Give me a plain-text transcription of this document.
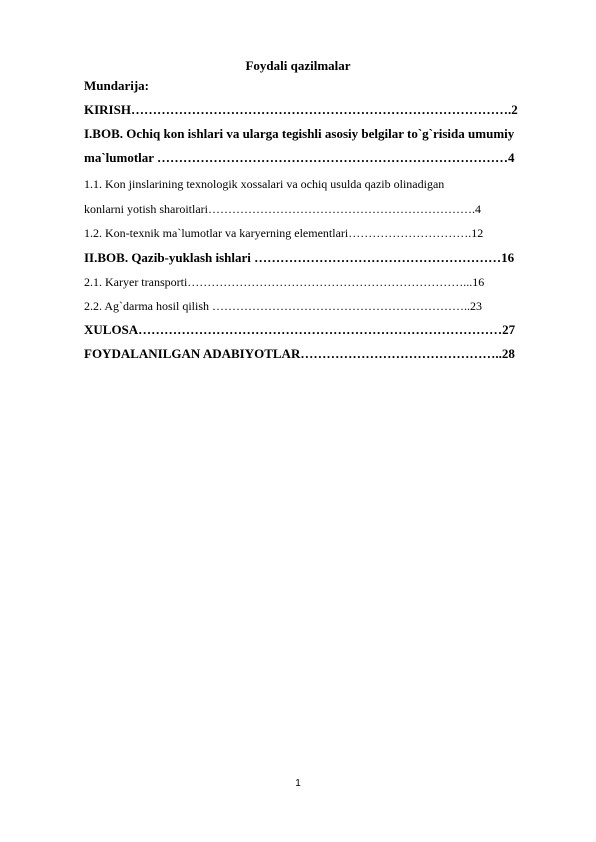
Foydali qazilmalar
Mundarija:
KIRISH…………………………………………………………………………….2
I.BOB. Ochiq kon ishlari va ularga tegishli asosiy belgilar to`g`risida umumiy
ma`lumotlar ………………………………………………………………………4
1.1. Kon jinslarining texnologik xossalari va ochiq usulda qazib olinadigan
konlarni yotish sharoitlari………………………………………………………….4
1.2. Kon-texnik ma`lumotlar va karyerning elementlari………………………….12
II.BOB. Qazib-yuklash ishlari …………………………………………………16
2.1. Karyer transporti……………………………………………………………...16
2.2. Ag`darma hosil qilish ………………………………………………………..23
XULOSA…………………………………………………………………………27
FOYDALANILGAN ADABIYOTLAR………………………………………..28
1
